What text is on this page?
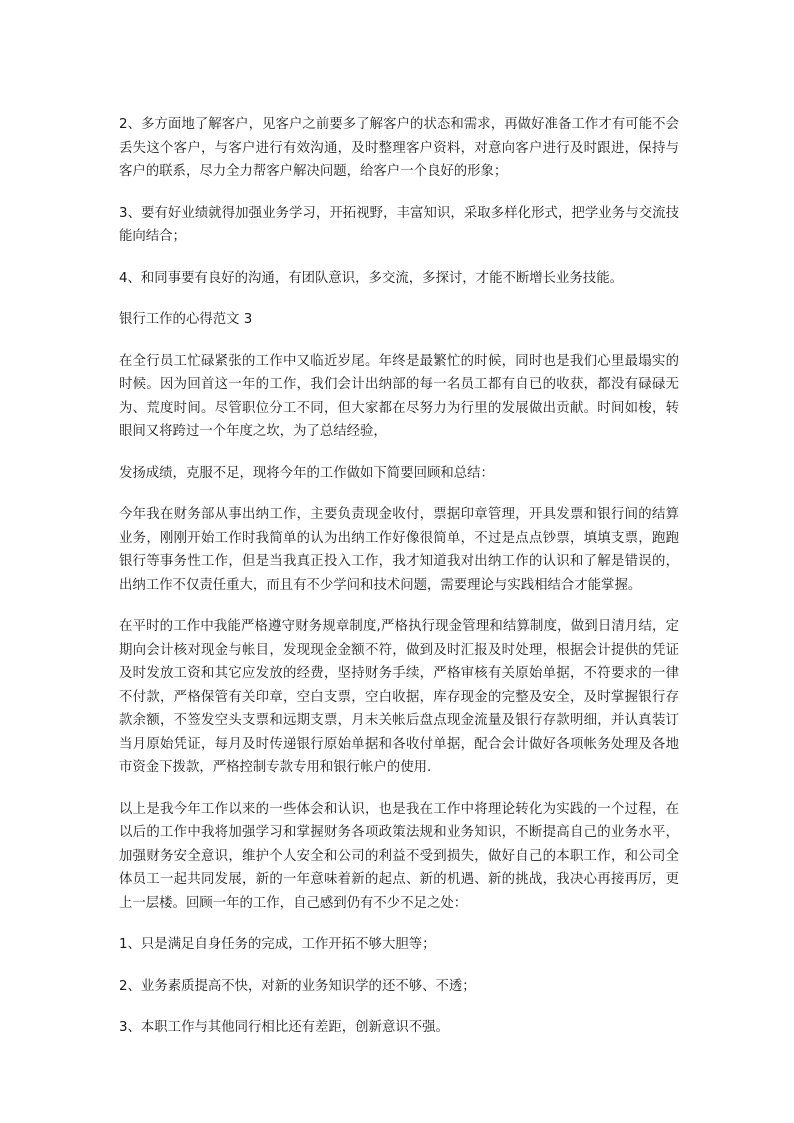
2、多方面地了解客户，见客户之前要多了解客户的状态和需求，再做好准备工作才有可能不会丢失这个客户，与客户进行有效沟通，及时整理客户资料，对意向客户进行及时跟进，保持与客户的联系，尽力全力帮客户解决问题，给客户一个良好的形象；

3、要有好业绩就得加强业务学习，开拓视野，丰富知识，采取多样化形式，把学业务与交流技能向结合；

4、和同事要有良好的沟通，有团队意识，多交流，多探讨，才能不断增长业务技能。

银行工作的心得范文 3

在全行员工忙碌紧张的工作中又临近岁尾。年终是最繁忙的时候，同时也是我们心里最塌实的时候。因为回首这一年的工作，我们会计出纳部的每一名员工都有自已的收获，都没有碌碌无为、荒度时间。尽管职位分工不同，但大家都在尽努力为行里的发展做出贡献。时间如梭，转眼间又将跨过一个年度之坎，为了总结经验，

发扬成绩，克服不足，现将今年的工作做如下简要回顾和总结：

今年我在财务部从事出纳工作，主要负责现金收付，票据印章管理，开具发票和银行间的结算业务，刚刚开始工作时我简单的认为出纳工作好像很简单，不过是点点钞票，填填支票，跑跑银行等事务性工作，但是当我真正投入工作，我才知道我对出纳工作的认识和了解是错误的，出纳工作不仅责任重大，而且有不少学问和技术问题，需要理论与实践相结合才能掌握。

在平时的工作中我能严格遵守财务规章制度,严格执行现金管理和结算制度，做到日清月结，定期向会计核对现金与帐目，发现现金金额不符，做到及时汇报及时处理，根据会计提供的凭证及时发放工资和其它应发放的经费，坚持财务手续，严格审核有关原始单据，不符要求的一律不付款，严格保管有关印章，空白支票，空白收据，库存现金的完整及安全，及时掌握银行存款余额，不签发空头支票和远期支票，月末关帐后盘点现金流量及银行存款明细，并认真装订当月原始凭证，每月及时传递银行原始单据和各收付单据，配合会计做好各项帐务处理及各地市资金下拨款，严格控制专款专用和银行帐户的使用.

以上是我今年工作以来的一些体会和认识，也是我在工作中将理论转化为实践的一个过程，在以后的工作中我将加强学习和掌握财务各项政策法规和业务知识，不断提高自己的业务水平，加强财务安全意识，维护个人安全和公司的利益不受到损失，做好自己的本职工作，和公司全体员工一起共同发展，新的一年意味着新的起点、新的机遇、新的挑战，我决心再接再厉，更上一层楼。回顾一年的工作，自己感到仍有不少不足之处：

1、只是满足自身任务的完成，工作开拓不够大胆等；

2、业务素质提高不快，对新的业务知识学的还不够、不透；

3、本职工作与其他同行相比还有差距，创新意识不强。
